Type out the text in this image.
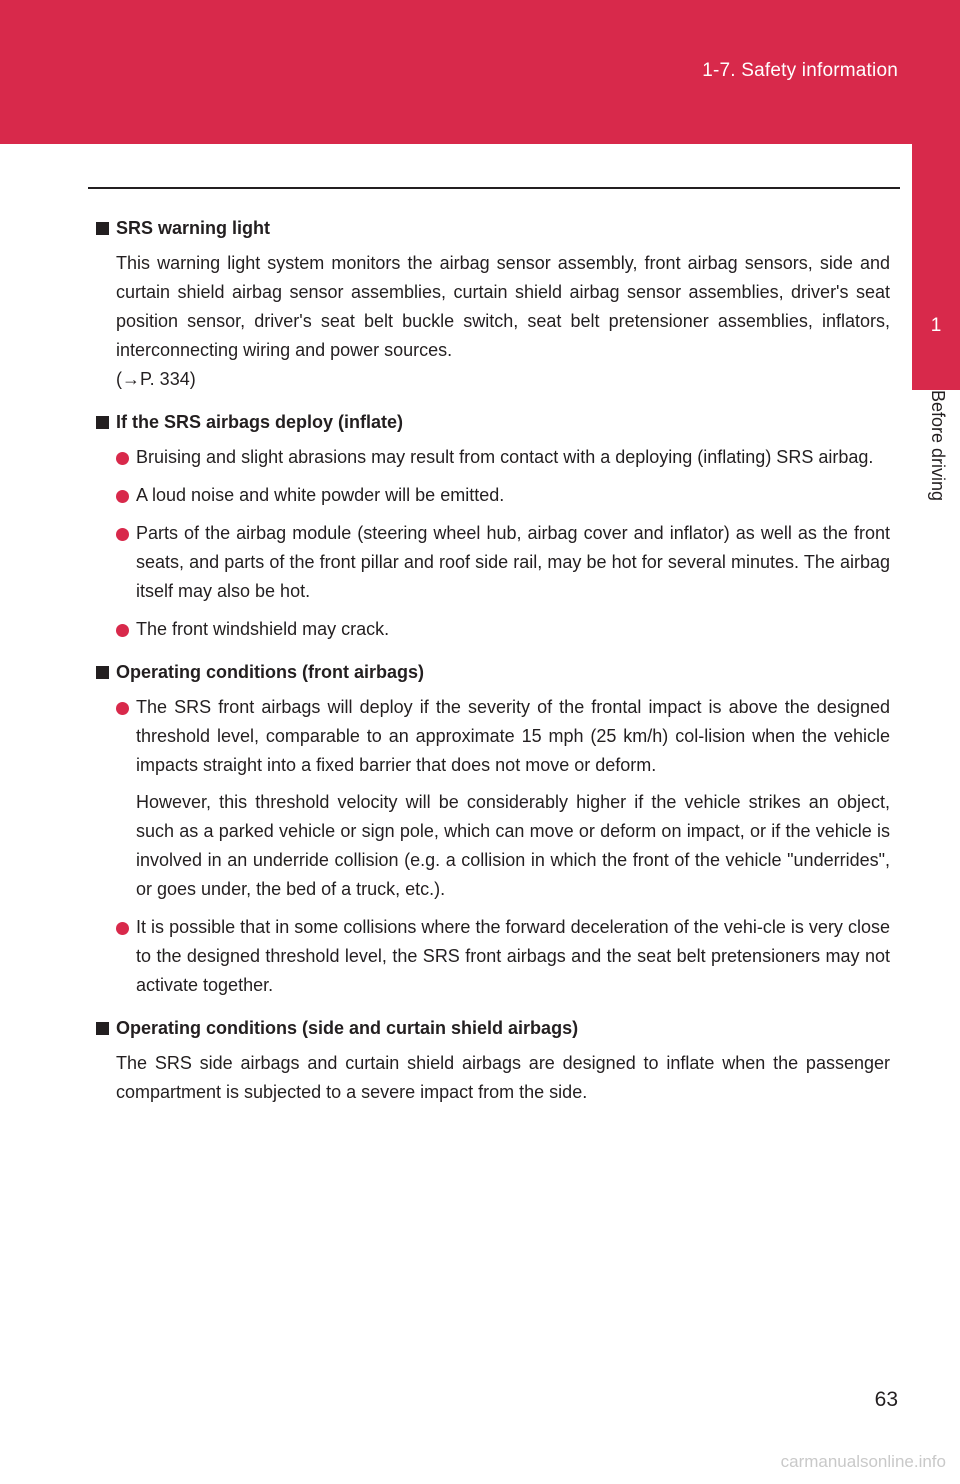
1-7. Safety information
1
Before driving
SRS warning light

This warning light system monitors the airbag sensor assembly, front airbag sensors, side and curtain shield airbag sensor assemblies, curtain shield airbag sensor assemblies, driver's seat position sensor, driver's seat belt buckle switch, seat belt pretensioner assemblies, inflators, interconnecting wiring and power sources.

(→P. 334)

If the SRS airbags deploy (inflate)
Bruising and slight abrasions may result from contact with a deploying (inflating) SRS airbag.
A loud noise and white powder will be emitted.
Parts of the airbag module (steering wheel hub, airbag cover and inflator) as well as the front seats, and parts of the front pillar and roof side rail, may be hot for several minutes. The airbag itself may also be hot.
The front windshield may crack.
Operating conditions (front airbags)
The SRS front airbags will deploy if the severity of the frontal impact is above the designed threshold level, comparable to an approximate 15 mph (25 km/h) col-lision when the vehicle impacts straight into a fixed barrier that does not move or deform.

However, this threshold velocity will be considerably higher if the vehicle strikes an object, such as a parked vehicle or sign pole, which can move or deform on impact, or if the vehicle is involved in an underride collision (e.g. a collision in which the front of the vehicle "underrides", or goes under, the bed of a truck, etc.).

It is possible that in some collisions where the forward deceleration of the vehi-cle is very close to the designed threshold level, the SRS front airbags and the seat belt pretensioners may not activate together.
Operating conditions (side and curtain shield airbags)

The SRS side airbags and curtain shield airbags are designed to inflate when the passenger compartment is subjected to a severe impact from the side.

63
carmanualsonline.info
